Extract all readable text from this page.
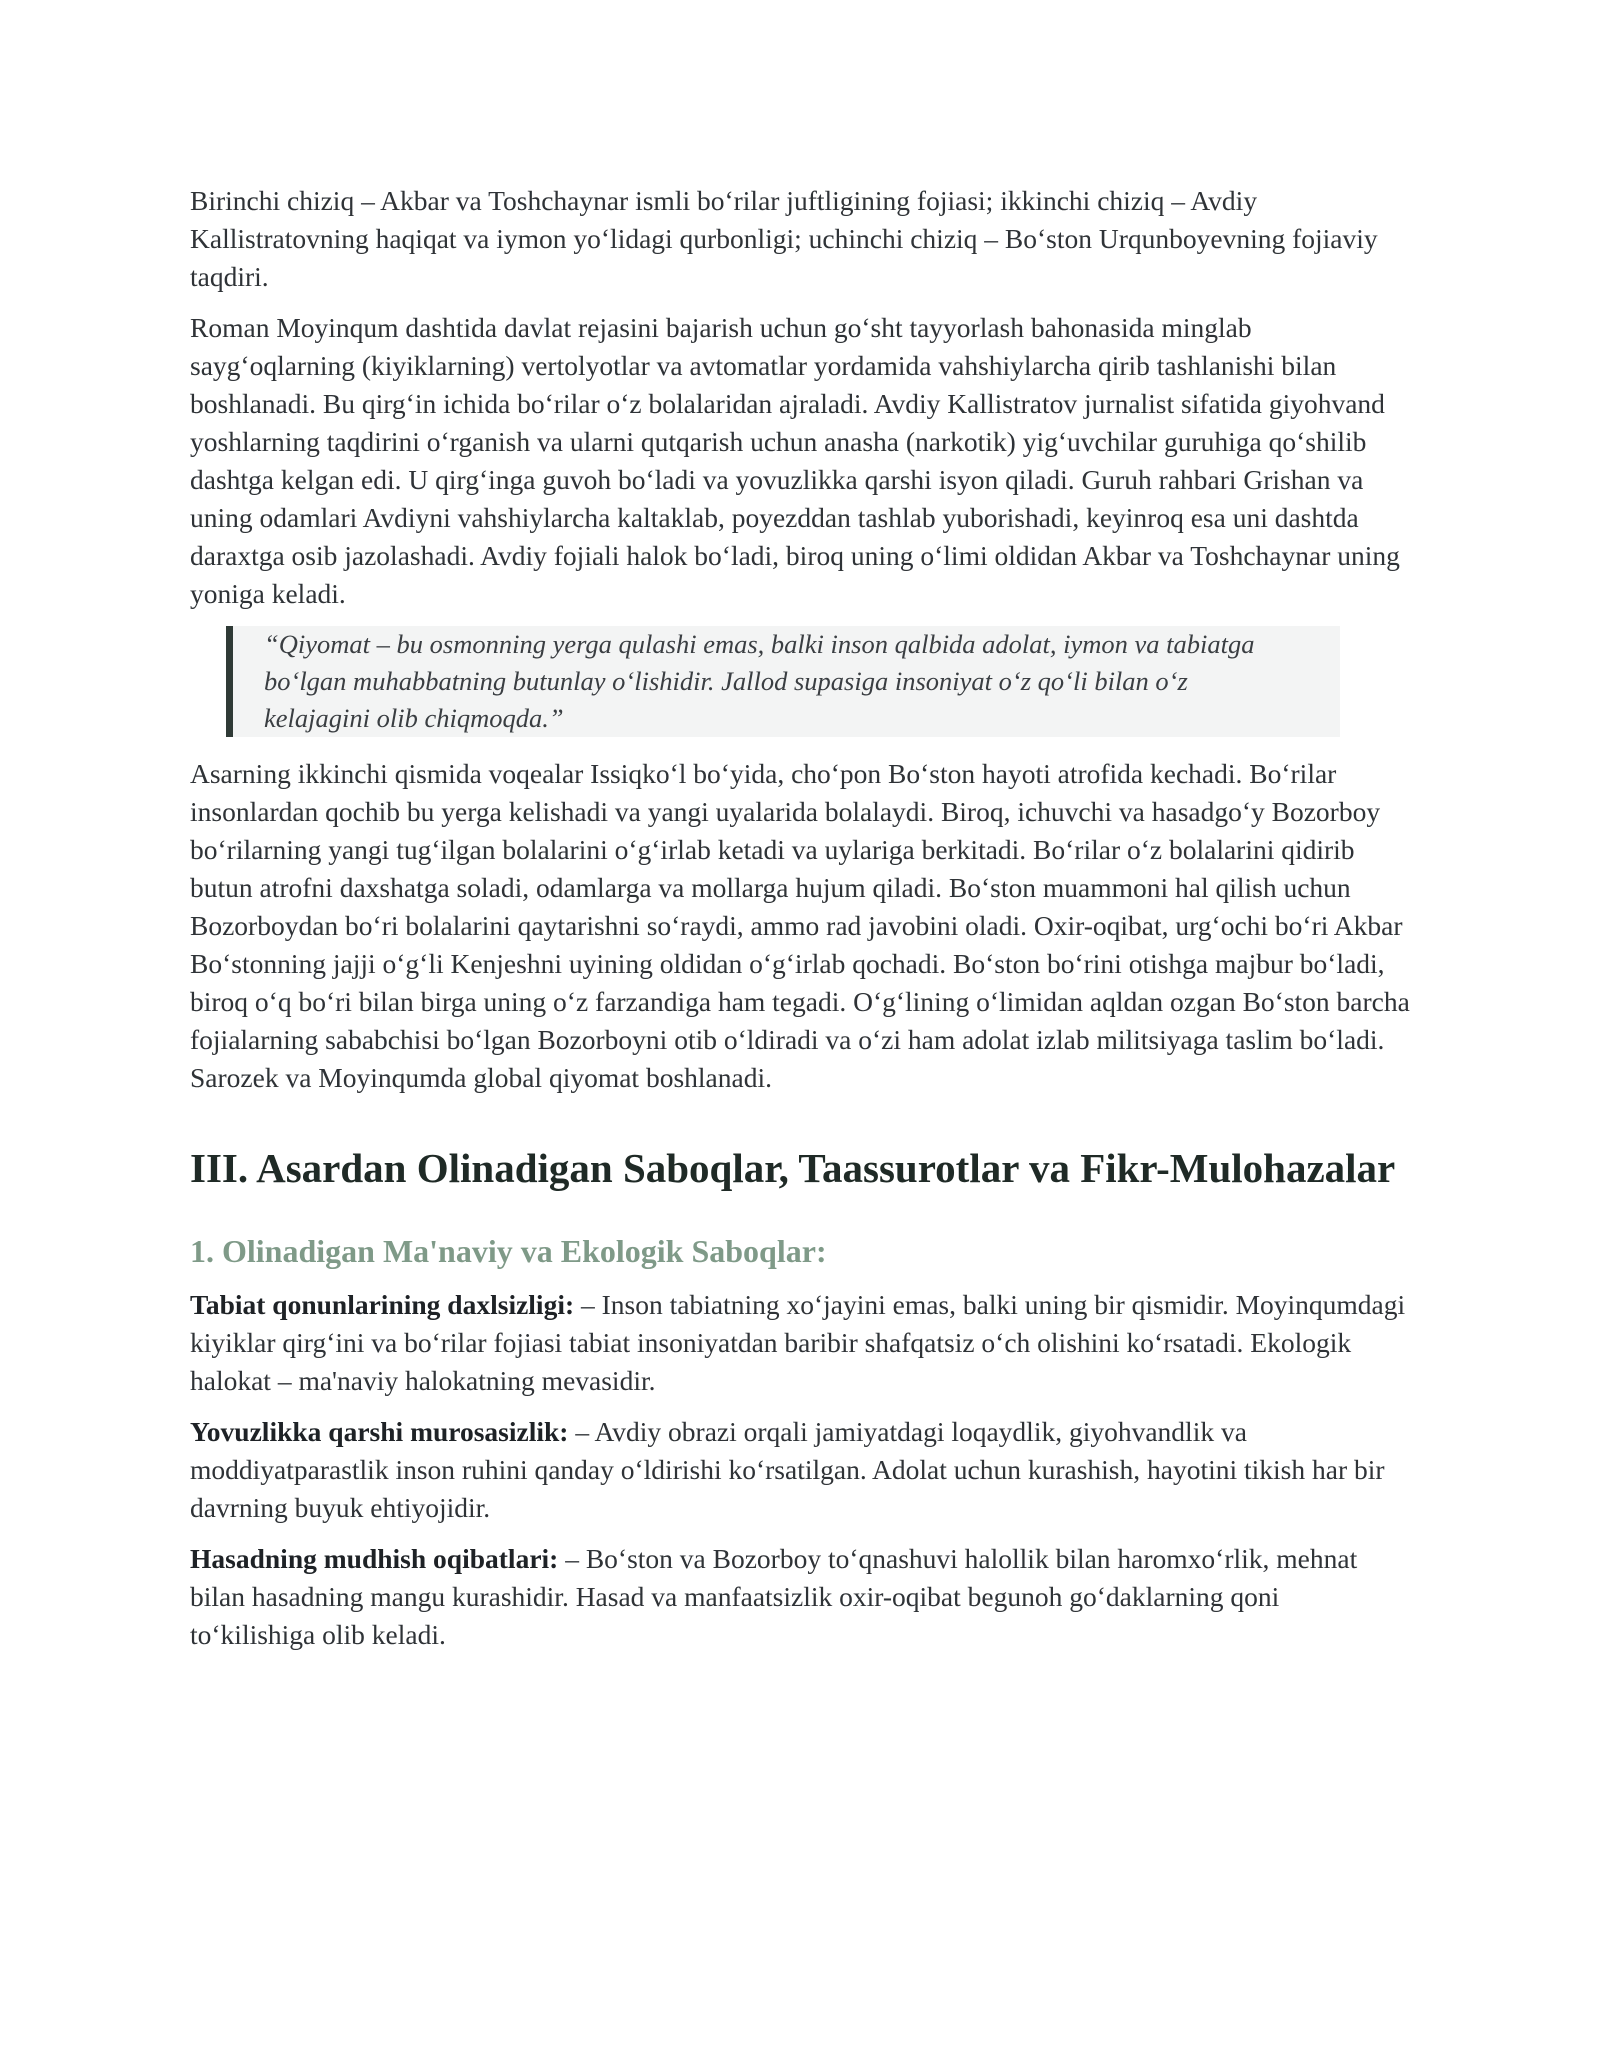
Birinchi chiziq – Akbar va Toshchaynar ismli bo‘rilar juftligining fojiasi; ikkinchi chiziq – Avdiy Kallistratovning haqiqat va iymon yo‘lidagi qurbonligi; uchinchi chiziq – Bo‘ston Urqunboyevning fojiaviy taqdiri.

Roman Moyinqum dashtida davlat rejasini bajarish uchun go‘sht tayyorlash bahonasida minglab sayg‘oqlarning (kiyiklarning) vertolyotlar va avtomatlar yordamida vahshiylarcha qirib tashlanishi bilan boshlanadi. Bu qirg‘in ichida bo‘rilar o‘z bolalaridan ajraladi. Avdiy Kallistratov jurnalist sifatida giyohvand yoshlarning taqdirini o‘rganish va ularni qutqarish uchun anasha (narkotik) yig‘uvchilar guruhiga qo‘shilib dashtga kelgan edi. U qirg‘inga guvoh bo‘ladi va yovuzlikka qarshi isyon qiladi. Guruh rahbari Grishan va uning odamlari Avdiyni vahshiylarcha kaltaklab, poyezddan tashlab yuborishadi, keyinroq esa uni dashtda daraxtga osib jazolashadi. Avdiy fojiali halok bo‘ladi, biroq uning o‘limi oldidan Akbar va Toshchaynar uning yoniga keladi.

“Qiyomat – bu osmonning yerga qulashi emas, balki inson qalbida adolat, iymon va tabiatga bo‘lgan muhabbatning butunlay o‘lishidir. Jallod supasiga insoniyat o‘z qo‘li bilan o‘z kelajagini olib chiqmoqda.”

Asarning ikkinchi qismida voqealar Issiqko‘l bo‘yida, cho‘pon Bo‘ston hayoti atrofida kechadi. Bo‘rilar insonlardan qochib bu yerga kelishadi va yangi uyalarida bolalaydi. Biroq, ichuvchi va hasadgo‘y Bozorboy bo‘rilarning yangi tug‘ilgan bolalarini o‘g‘irlab ketadi va uylariga berkitadi. Bo‘rilar o‘z bolalarini qidirib butun atrofni daxshatga soladi, odamlarga va mollarga hujum qiladi. Bo‘ston muammoni hal qilish uchun Bozorboydan bo‘ri bolalarini qaytarishni so‘raydi, ammo rad javobini oladi. Oxir-oqibat, urg‘ochi bo‘ri Akbar Bo‘stonning jajji o‘g‘li Kenjeshni uyining oldidan o‘g‘irlab qochadi. Bo‘ston bo‘rini otishga majbur bo‘ladi, biroq o‘q bo‘ri bilan birga uning o‘z farzandiga ham tegadi. O‘g‘lining o‘limidan aqldan ozgan Bo‘ston barcha fojialarning sababchisi bo‘lgan Bozorboyni otib o‘ldiradi va o‘zi ham adolat izlab militsiyaga taslim bo‘ladi. Sarozek va Moyinqumda global qiyomat boshlanadi.

III. Asardan Olinadigan Saboqlar, Taassurotlar va Fikr-Mulohazalar
1. Olinadigan Ma'naviy va Ekologik Saboqlar:

Tabiat qonunlarining daxlsizligi: – Inson tabiatning xo‘jayini emas, balki uning bir qismidir. Moyinqumdagi kiyiklar qirg‘ini va bo‘rilar fojiasi tabiat insoniyatdan baribir shafqatsiz o‘ch olishini ko‘rsatadi. Ekologik halokat – ma'naviy halokatning mevasidir.

Yovuzlikka qarshi murosasizlik: – Avdiy obrazi orqali jamiyatdagi loqaydlik, giyohvandlik va moddiyatparastlik inson ruhini qanday o‘ldirishi ko‘rsatilgan. Adolat uchun kurashish, hayotini tikish har bir davrning buyuk ehtiyojidir.

Hasadning mudhish oqibatlari: – Bo‘ston va Bozorboy to‘qnashuvi halollik bilan haromxo‘rlik, mehnat bilan hasadning mangu kurashidir. Hasad va manfaatsizlik oxir-oqibat begunoh go‘daklarning qoni to‘kilishiga olib keladi.
